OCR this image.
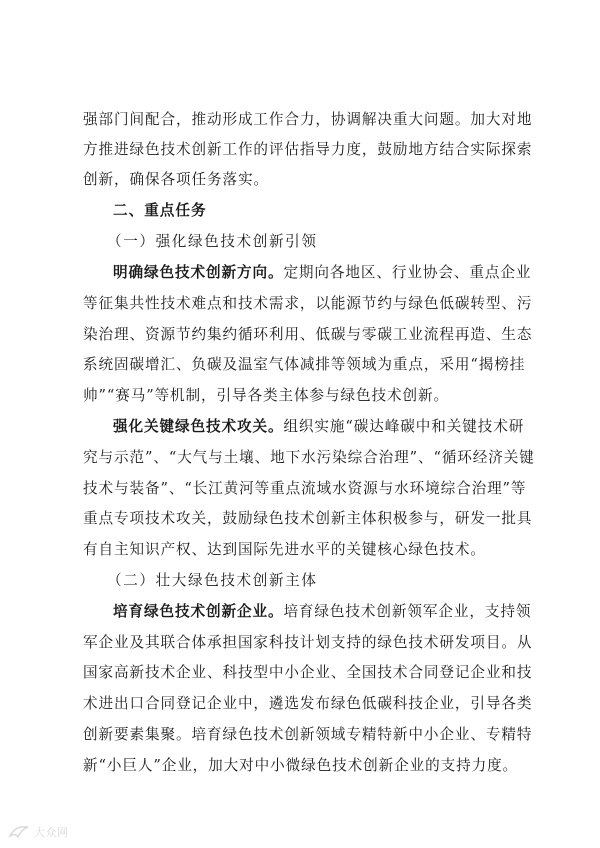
强部门间配合，推动形成工作合力，协调解决重大问题。加大对地
方推进绿色技术创新工作的评估指导力度，鼓励地方结合实际探索
创新，确保各项任务落实。
二、重点任务
（一）强化绿色技术创新引领
明确绿色技术创新方向。定期向各地区、行业协会、重点企业
等征集共性技术难点和技术需求，以能源节约与绿色低碳转型、污
染治理、资源节约集约循环利用、低碳与零碳工业流程再造、生态
系统固碳增汇、负碳及温室气体减排等领域为重点，采用“揭榜挂
帅”“赛马”等机制，引导各类主体参与绿色技术创新。
强化关键绿色技术攻关。组织实施“碳达峰碳中和关键技术研
究与示范”、“大气与土壤、地下水污染综合治理”、“循环经济关键
技术与装备”、“长江黄河等重点流域水资源与水环境综合治理”等
重点专项技术攻关，鼓励绿色技术创新主体积极参与，研发一批具
有自主知识产权、达到国际先进水平的关键核心绿色技术。
（二）壮大绿色技术创新主体
培育绿色技术创新企业。培育绿色技术创新领军企业，支持领
军企业及其联合体承担国家科技计划支持的绿色技术研发项目。从
国家高新技术企业、科技型中小企业、全国技术合同登记企业和技
术进出口合同登记企业中，遴选发布绿色低碳科技企业，引导各类
创新要素集聚。培育绿色技术创新领域专精特新中小企业、专精特
新“小巨人”企业，加大对中小微绿色技术创新企业的支持力度。
大众网
